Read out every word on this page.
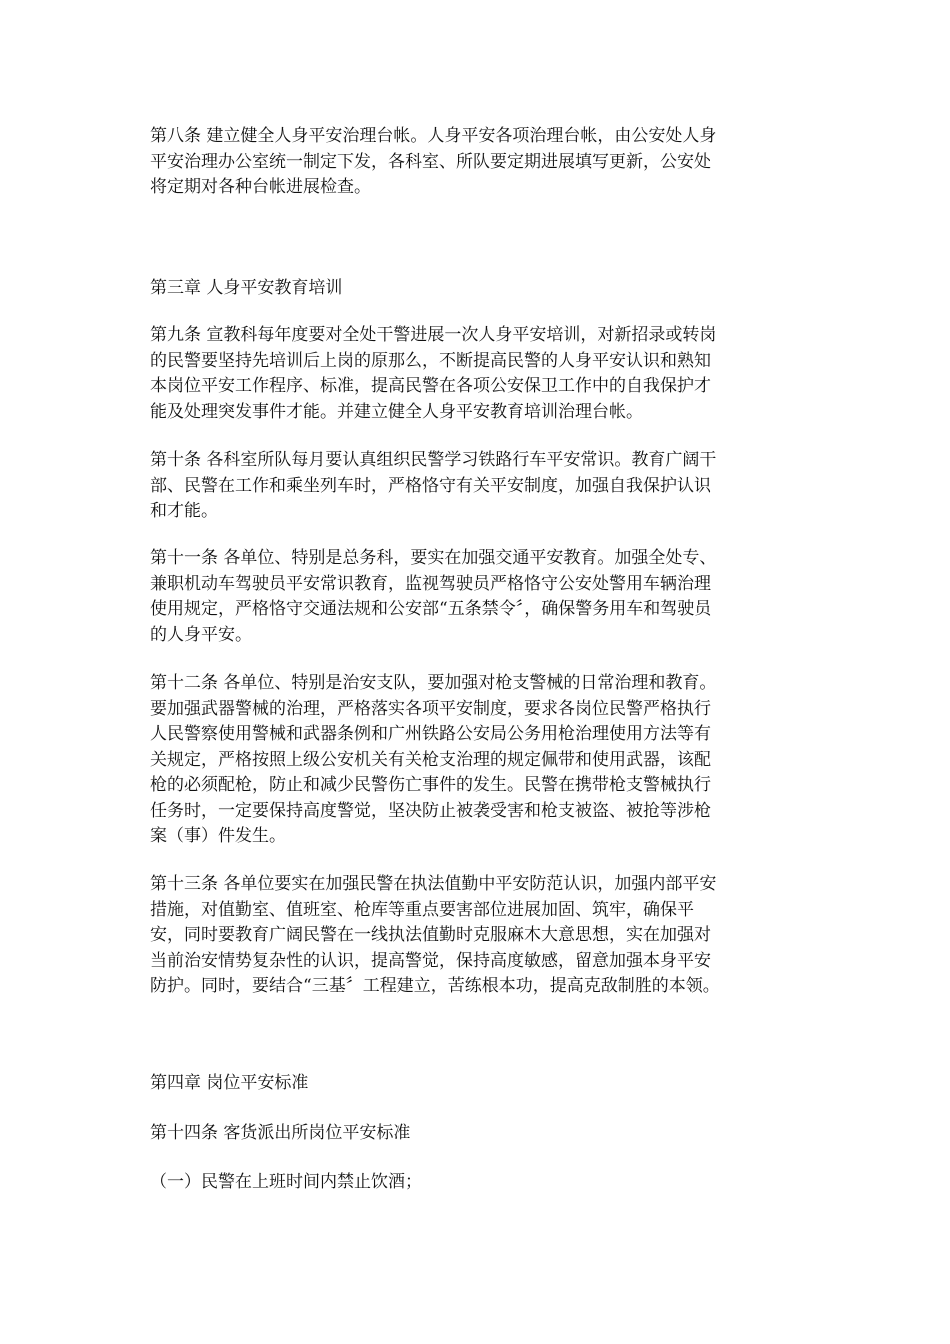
第八条 建立健全人身平安治理台帐。人身平安各项治理台帐，由公安处人身
平安治理办公室统一制定下发，各科室、所队要定期进展填写更新，公安处
将定期对各种台帐进展检查。
第三章 人身平安教育培训
第九条 宣教科每年度要对全处干警进展一次人身平安培训，对新招录或转岗
的民警要坚持先培训后上岗的原那么，不断提高民警的人身平安认识和熟知
本岗位平安工作程序、标准，提高民警在各项公安保卫工作中的自我保护才
能及处理突发事件才能。并建立健全人身平安教育培训治理台帐。
第十条 各科室所队每月要认真组织民警学习铁路行车平安常识。教育广阔干
部、民警在工作和乘坐列车时，严格恪守有关平安制度，加强自我保护认识
和才能。
第十一条 各单位、特别是总务科，要实在加强交通平安教育。加强全处专、
兼职机动车驾驶员平安常识教育，监视驾驶员严格恪守公安处警用车辆治理
使用规定，严格恪守交通法规和公安部“五条禁令〞，确保警务用车和驾驶员
的人身平安。
第十二条 各单位、特别是治安支队，要加强对枪支警械的日常治理和教育。
要加强武器警械的治理，严格落实各项平安制度，要求各岗位民警严格执行
人民警察使用警械和武器条例和广州铁路公安局公务用枪治理使用方法等有
关规定，严格按照上级公安机关有关枪支治理的规定佩带和使用武器，该配
枪的必须配枪，防止和减少民警伤亡事件的发生。民警在携带枪支警械执行
任务时，一定要保持高度警觉，坚决防止被袭受害和枪支被盗、被抢等涉枪
案（事）件发生。
第十三条 各单位要实在加强民警在执法值勤中平安防范认识，加强内部平安
措施，对值勤室、值班室、枪库等重点要害部位进展加固、筑牢，确保平
安，同时要教育广阔民警在一线执法值勤时克服麻木大意思想，实在加强对
当前治安情势复杂性的认识，提高警觉，保持高度敏感，留意加强本身平安
防护。同时，要结合“三基〞工程建立，苦练根本功，提高克敌制胜的本领。
第四章 岗位平安标准
第十四条 客货派出所岗位平安标准
（一）民警在上班时间内禁止饮酒；
